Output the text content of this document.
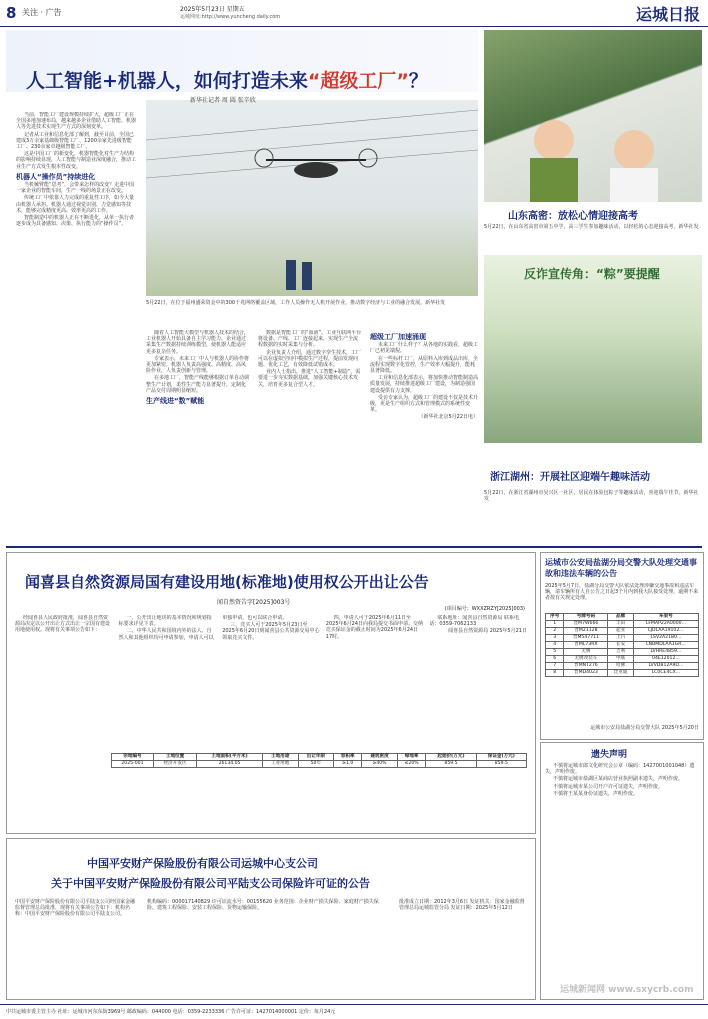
8 关注 · 广告	2025年5月23日 星期五
运城网址:http://www.yuncheng daily.com	运城日报
人工智能+机器人，如何打造未来“超级工厂”？
5月22日，在位于福州盛荣资金中的300千兆网络覆盖区域，工作人员操作无人机开展作业，推动数字经济与工业的融合发展。新华社发

当前，智能工厂建设规模持续扩大，超级工厂正在全国多地加速布局，越来越多企业借助人工智能、机器人等先进技术实现生产方式的深刻变革。

记者从工业和信息化部了解到，截至目前，全国已建成3万余家基础级智能工厂、1200余家先进级智能工厂、230余家卓越级智能工厂。

这是中国工厂的新变化，机器智能化对生产力结构的影响持续显现，人工智能与制造业深度融合，推动工业生产方式发生根本性改变。

机器人“操作员”持续进化

当机械臂能“思考”，会带来怎样的改变？走进中国一家企业的智能车间，生产一线的场景正在改变。

传统工厂中依靠人力完成的重复性工序，如今大量由机器人承担。机器人通过视觉识别、力觉感知等技术，能够完成精度更高、效率更高的工作。

智能制造中的机器人正在不断进化，从单一执行者逐步成为具备感知、决策、执行能力的“操作员”。

随着人工智能大模型与机器人技术的结合，工业机器人开始具备自主学习能力。企业通过采集生产数据持续训练模型，使机器人能适应更多复杂任务。

专家表示，未来工厂中人与机器人的协作将更加紧密，机器人负责高强度、高精度、高风险作业，人负责创新与管理。

在多地工厂，智能产线能够根据订单自动调整生产计划，柔性生产能力显著提升，定制化产品交付周期明显缩短。

生产线进“数”赋能

数据是智能工厂的“血液”。工业互联网平台将设备、产线、工厂连接起来，实现生产全流程数据的实时采集与分析。

企业负责人介绍，通过数字孪生技术，工厂可以在虚拟空间中模拟生产过程，提前发现问题、优化工艺，有效降低试错成本。

业内人士指出，推进“人工智能+制造”，需要进一步夯实数据基础，加强关键核心技术攻关，培育更多复合型人才。

超级工厂加速涌现

未来工厂什么样子？从各地的实践看，超级工厂已初见端倪。

在一些标杆工厂，从原料入库到成品出库，全流程实现数字化管控，生产效率大幅提升，能耗显著降低。

工业和信息化部表示，将加快推动智能制造高质量发展，持续推进超级工厂建设，为制造强国建设提供有力支撑。

受访专家认为，超级工厂的建设不仅是技术升级，更是生产组织方式和管理模式的系统性变革。

（新华社北京5月22日电）

新华社记者 周 圆 张辛欣
山东高密：放松心情迎接高考
5月22日，在山东省高密市第五中学，高三学生参加趣味活动，以轻松的心态迎接高考。新华社发
反诈宣传角：“粽”要提醒
浙江湖州：开展社区迎端午趣味活动
5月22日，在浙江省湖州市吴兴区一社区，居民在体验包粽子等趣味活动，喜迎端午佳节。新华社发
闻喜县自然资源局国有建设用地(标准地)使用权公开出让公告
闻自然资告字[2025]003号
(项目编号：WXXZRZY[2025]003)

经闻喜县人民政府批准，闻喜县自然资源局决定以公开出让方式出让一宗国有建设用地使用权。现将有关事项公告如下：

一、公开出让地块的基本情况和规划指标要求详见下表。

二、中华人民共和国境内外的法人、自然人和其他组织均可申请参加，申请人可以单独申请，也可以联合申请。

三、竞买人可于2025年5月23日至2025年6月20日到闻喜县公共资源交易中心领取竞买文件。

四、申请人可于2025年6月11日至2025年6月24日向我局提交书面申请。交纳竞买保证金的截止时间为2025年6月24日17时。

联系地址：闻喜县自然资源局 联系电话：0359-7062133

闻喜县自然资源局 2025年5月21日

宗地编号	土地位置	土地面积(平方米)	土地用途	出让年限	容积率	建筑密度	绿地率	起始价(万元)	保证金(万元)
2025-001	经济开发区	26134.05	工业用地	50年	≥1.0	≥40%	≤20%	859.5	859.5
运城市公安局盐湖分局交警大队处理交通事故和违法车辆的公告
2025年5月7日，盐湖分局交警大队依法处理涉嫌交通事故和违法车辆，请车辆所有人自公告之日起3个月内到我大队接受处理，逾期不来者按有关规定处理。
序号	号牌号码	品牌	车架号
1	晋M7W666	丰田	LFMAP22A0000...
2	晋M21128	起亚	LJDLAA19102...
3	晋M547711	上汽	LSV2A2180...
4	晋ML73RX	长安	LNBMDLAA1GR...
5	无牌	吉利	LVHRE4859...
6	无牌改装车	中联	04E12012...
7	晋MNT276	哈佛	LVVDB12A9D...
8	晋MD4023	比亚迪	LC0CE4CX...
运城市公安局盐湖分局交警大队 2025年5月20日
遗失声明

不慎将运城市郎文化研究会公章（编码：1427001001048）遗失，声明作废。

不慎将运城市盐湖区某商店营业执照副本遗失，声明作废。

不慎将运城市某公司开户许可证遗失，声明作废。

不慎将王某某身份证遗失，声明作废。

中国平安财产保险股份有限公司运城中心支公司
关于中国平安财产保险股份有限公司平陆支公司保险许可证的公告
中国平安财产保险股份有限公司平陆支公司经国家金融监督管理总局批准，现将有关事项公告如下：机构名称：中国平安财产保险股份有限公司平陆支公司。
机构编码：000017140829 许可证流水号：00155620 业务范围：企业财产损失保险、家庭财产损失保险、建筑工程保险、安装工程保险、货物运输保险。
批准成立日期：2012年3月6日 发证机关：国家金融监督管理总局运城监管分局 发证日期：2025年5月12日
中共运城市委主管主办 社址：运城市河东东街3969号 邮政编码：044000 电话：0359-2233336 广告许可证：1427014000001 定价：每月24元
运城新闻网 www.sxycrb.com
